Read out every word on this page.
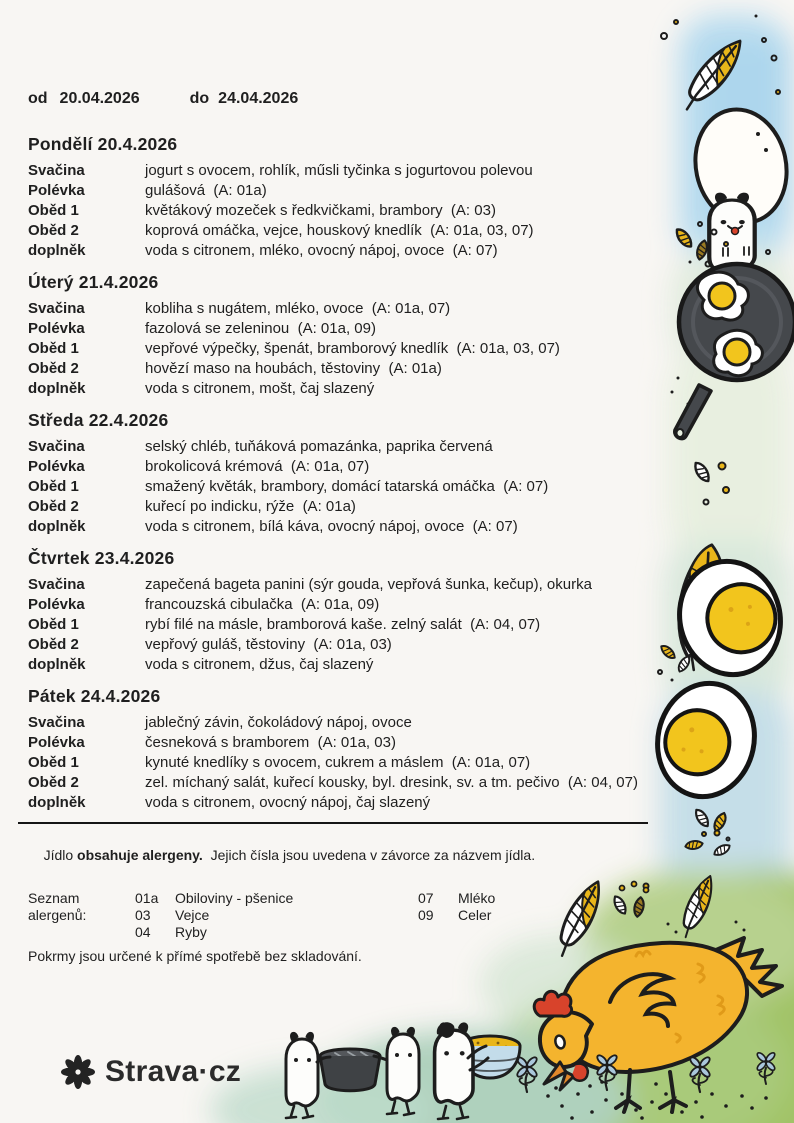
od 20.04.2026	do 24.04.2026
Pondělí 20.4.2026
Svačina	jogurt s ovocem, rohlík, műsli tyčinka s jogurtovou polevou
Polévka	gulášová  (A: 01a)
Oběd 1	květákový mozeček s ředkvičkami, brambory  (A: 03)
Oběd 2	koprová omáčka, vejce, houskový knedlík  (A: 01a, 03, 07)
doplněk	voda s citronem, mléko, ovocný nápoj, ovoce  (A: 07)
Úterý 21.4.2026
Svačina	kobliha s nugátem, mléko, ovoce  (A: 01a, 07)
Polévka	fazolová se zeleninou  (A: 01a, 09)
Oběd 1	vepřové výpečky, špenát, bramborový knedlík  (A: 01a, 03, 07)
Oběd 2	hovězí maso na houbách, těstoviny  (A: 01a)
doplněk	voda s citronem, mošt, čaj slazený
Středa 22.4.2026
Svačina	selský chléb, tuňáková pomazánka, paprika červená
Polévka	brokolicová krémová  (A: 01a, 07)
Oběd 1	smažený květák, brambory, domácí tatarská omáčka  (A: 07)
Oběd 2	kuřecí po indicku, rýže  (A: 01a)
doplněk	voda s citronem, bílá káva, ovocný nápoj, ovoce  (A: 07)
Čtvrtek 23.4.2026
Svačina	zapečená bageta panini (sýr gouda, vepřová šunka, kečup), okurka
Polévka	francouzská cibulačka  (A: 01a, 09)
Oběd 1	rybí filé na másle, bramborová kaše. zelný salát  (A: 04, 07)
Oběd 2	vepřový guláš, těstoviny  (A: 01a, 03)
doplněk	voda s citronem, džus, čaj slazený
Pátek 24.4.2026
Svačina	jablečný závin, čokoládový nápoj, ovoce
Polévka	česneková s bramborem  (A: 01a, 03)
Oběd 1	kynuté knedlíky s ovocem, cukrem a máslem  (A: 01a, 07)
Oběd 2	zel. míchaný salát, kuřecí kousky, byl. dresink, sv. a tm. pečivo  (A: 04, 07)
doplněk	voda s citronem, ovocný nápoj, čaj slazený

Jídlo obsahuje alergeny.  Jejich čísla jsou uvedena v závorce za názvem jídla.

Seznam alergenů:
01a	Obiloviny - pšenice
03	Vejce
04	Ryby
07	Mléko
09	Celer
Pokrmy jsou určené k přímé spotřebě bez skladování.
Strava·cz
